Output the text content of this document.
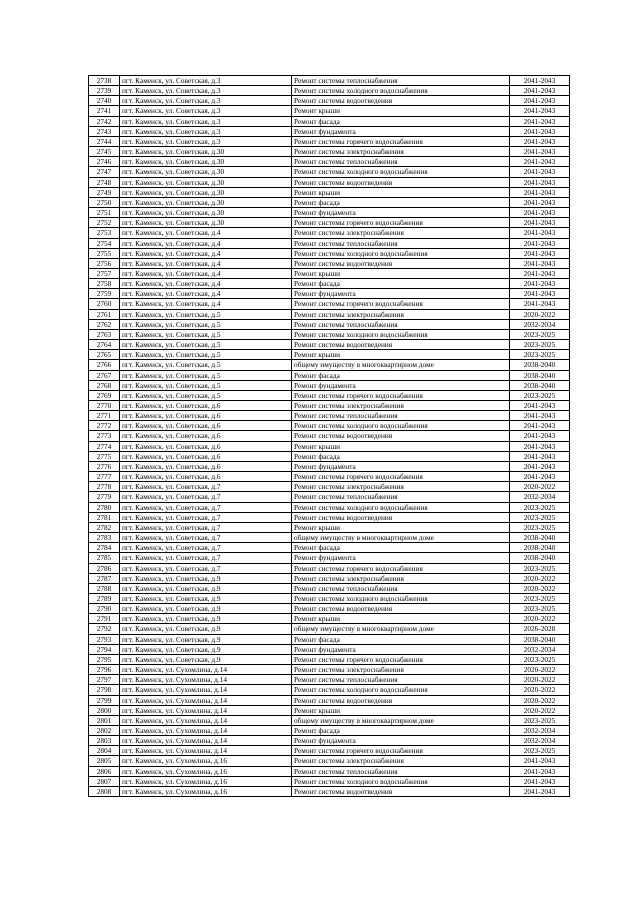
2738	пгт. Каменск, ул. Советская, д.3	Ремонт системы теплоснабжения	2041-2043
2739	пгт. Каменск, ул. Советская, д.3	Ремонт системы холодного водоснабжения	2041-2043
2740	пгт. Каменск, ул. Советская, д.3	Ремонт системы водоотведения	2041-2043
2741	пгт. Каменск, ул. Советская, д.3	Ремонт крыши	2041-2043
2742	пгт. Каменск, ул. Советская, д.3	Ремонт фасада	2041-2043
2743	пгт. Каменск, ул. Советская, д.3	Ремонт фундамента	2041-2043
2744	пгт. Каменск, ул. Советская, д.3	Ремонт системы горячего водоснабжения	2041-2043
2745	пгт. Каменск, ул. Советская, д.30	Ремонт системы электроснабжения	2041-2043
2746	пгт. Каменск, ул. Советская, д.30	Ремонт системы теплоснабжения	2041-2043
2747	пгт. Каменск, ул. Советская, д.30	Ремонт системы холодного водоснабжения	2041-2043
2748	пгт. Каменск, ул. Советская, д.30	Ремонт системы водоотведения	2041-2043
2749	пгт. Каменск, ул. Советская, д.30	Ремонт крыши	2041-2043
2750	пгт. Каменск, ул. Советская, д.30	Ремонт фасада	2041-2043
2751	пгт. Каменск, ул. Советская, д.30	Ремонт фундамента	2041-2043
2752	пгт. Каменск, ул. Советская, д.30	Ремонт системы горячего водоснабжения	2041-2043
2753	пгт. Каменск, ул. Советская, д.4	Ремонт системы электроснабжения	2041-2043
2754	пгт. Каменск, ул. Советская, д.4	Ремонт системы теплоснабжения	2041-2043
2755	пгт. Каменск, ул. Советская, д.4	Ремонт системы холодного водоснабжения	2041-2043
2756	пгт. Каменск, ул. Советская, д.4	Ремонт системы водоотведения	2041-2043
2757	пгт. Каменск, ул. Советская, д.4	Ремонт крыши	2041-2043
2758	пгт. Каменск, ул. Советская, д.4	Ремонт фасада	2041-2043
2759	пгт. Каменск, ул. Советская, д.4	Ремонт фундамента	2041-2043
2760	пгт. Каменск, ул. Советская, д.4	Ремонт системы горячего водоснабжения	2041-2043
2761	пгт. Каменск, ул. Советская, д.5	Ремонт системы электроснабжения	2020-2022
2762	пгт. Каменск, ул. Советская, д.5	Ремонт системы теплоснабжения	2032-2034
2763	пгт. Каменск, ул. Советская, д.5	Ремонт системы холодного водоснабжения	2023-2025
2764	пгт. Каменск, ул. Советская, д.5	Ремонт системы водоотведения	2023-2025
2765	пгт. Каменск, ул. Советская, д.5	Ремонт крыши	2023-2025
2766	пгт. Каменск, ул. Советская, д.5	общему имуществу в многоквартирном доме	2038-2040
2767	пгт. Каменск, ул. Советская, д.5	Ремонт фасада	2038-2040
2768	пгт. Каменск, ул. Советская, д.5	Ремонт фундамента	2038-2040
2769	пгт. Каменск, ул. Советская, д.5	Ремонт системы горячего водоснабжения	2023-2025
2770	пгт. Каменск, ул. Советская, д.6	Ремонт системы электроснабжения	2041-2043
2771	пгт. Каменск, ул. Советская, д.6	Ремонт системы теплоснабжения	2041-2043
2772	пгт. Каменск, ул. Советская, д.6	Ремонт системы холодного водоснабжения	2041-2043
2773	пгт. Каменск, ул. Советская, д.6	Ремонт системы водоотведения	2041-2043
2774	пгт. Каменск, ул. Советская, д.6	Ремонт крыши	2041-2043
2775	пгт. Каменск, ул. Советская, д.6	Ремонт фасада	2041-2043
2776	пгт. Каменск, ул. Советская, д.6	Ремонт фундамента	2041-2043
2777	пгт. Каменск, ул. Советская, д.6	Ремонт системы горячего водоснабжения	2041-2043
2778	пгт. Каменск, ул. Советская, д.7	Ремонт системы электроснабжения	2020-2022
2779	пгт. Каменск, ул. Советская, д.7	Ремонт системы теплоснабжения	2032-2034
2780	пгт. Каменск, ул. Советская, д.7	Ремонт системы холодного водоснабжения	2023-2025
2781	пгт. Каменск, ул. Советская, д.7	Ремонт системы водоотведения	2023-2025
2782	пгт. Каменск, ул. Советская, д.7	Ремонт крыши	2023-2025
2783	пгт. Каменск, ул. Советская, д.7	общему имуществу в многоквартирном доме	2038-2040
2784	пгт. Каменск, ул. Советская, д.7	Ремонт фасада	2038-2040
2785	пгт. Каменск, ул. Советская, д.7	Ремонт фундамента	2038-2040
2786	пгт. Каменск, ул. Советская, д.7	Ремонт системы горячего водоснабжения	2023-2025
2787	пгт. Каменск, ул. Советская, д.9	Ремонт системы электроснабжения	2020-2022
2788	пгт. Каменск, ул. Советская, д.9	Ремонт системы теплоснабжения	2020-2022
2789	пгт. Каменск, ул. Советская, д.9	Ремонт системы холодного водоснабжения	2023-2025
2790	пгт. Каменск, ул. Советская, д.9	Ремонт системы водоотведения	2023-2025
2791	пгт. Каменск, ул. Советская, д.9	Ремонт крыши	2020-2022
2792	пгт. Каменск, ул. Советская, д.9	общему имуществу в многоквартирном доме	2026-2028
2793	пгт. Каменск, ул. Советская, д.9	Ремонт фасада	2038-2040
2794	пгт. Каменск, ул. Советская, д.9	Ремонт фундамента	2032-2034
2795	пгт. Каменск, ул. Советская, д.9	Ремонт системы горячего водоснабжения	2023-2025
2796	пгт. Каменск, ул. Сухомлина, д.14	Ремонт системы электроснабжения	2020-2022
2797	пгт. Каменск, ул. Сухомлина, д.14	Ремонт системы теплоснабжения	2020-2022
2798	пгт. Каменск, ул. Сухомлина, д.14	Ремонт системы холодного водоснабжения	2020-2022
2799	пгт. Каменск, ул. Сухомлина, д.14	Ремонт системы водоотведения	2020-2022
2800	пгт. Каменск, ул. Сухомлина, д.14	Ремонт крыши	2020-2022
2801	пгт. Каменск, ул. Сухомлина, д.14	общему имуществу в многоквартирном доме	2023-2025
2802	пгт. Каменск, ул. Сухомлина, д.14	Ремонт фасада	2032-2034
2803	пгт. Каменск, ул. Сухомлина, д.14	Ремонт фундамента	2032-2034
2804	пгт. Каменск, ул. Сухомлина, д.14	Ремонт системы горячего водоснабжения	2023-2025
2805	пгт. Каменск, ул. Сухомлина, д.16	Ремонт системы электроснабжения	2041-2043
2806	пгт. Каменск, ул. Сухомлина, д.16	Ремонт системы теплоснабжения	2041-2043
2807	пгт. Каменск, ул. Сухомлина, д.16	Ремонт системы холодного водоснабжения	2041-2043
2808	пгт. Каменск, ул. Сухомлина, д.16	Ремонт системы водоотведения	2041-2043
